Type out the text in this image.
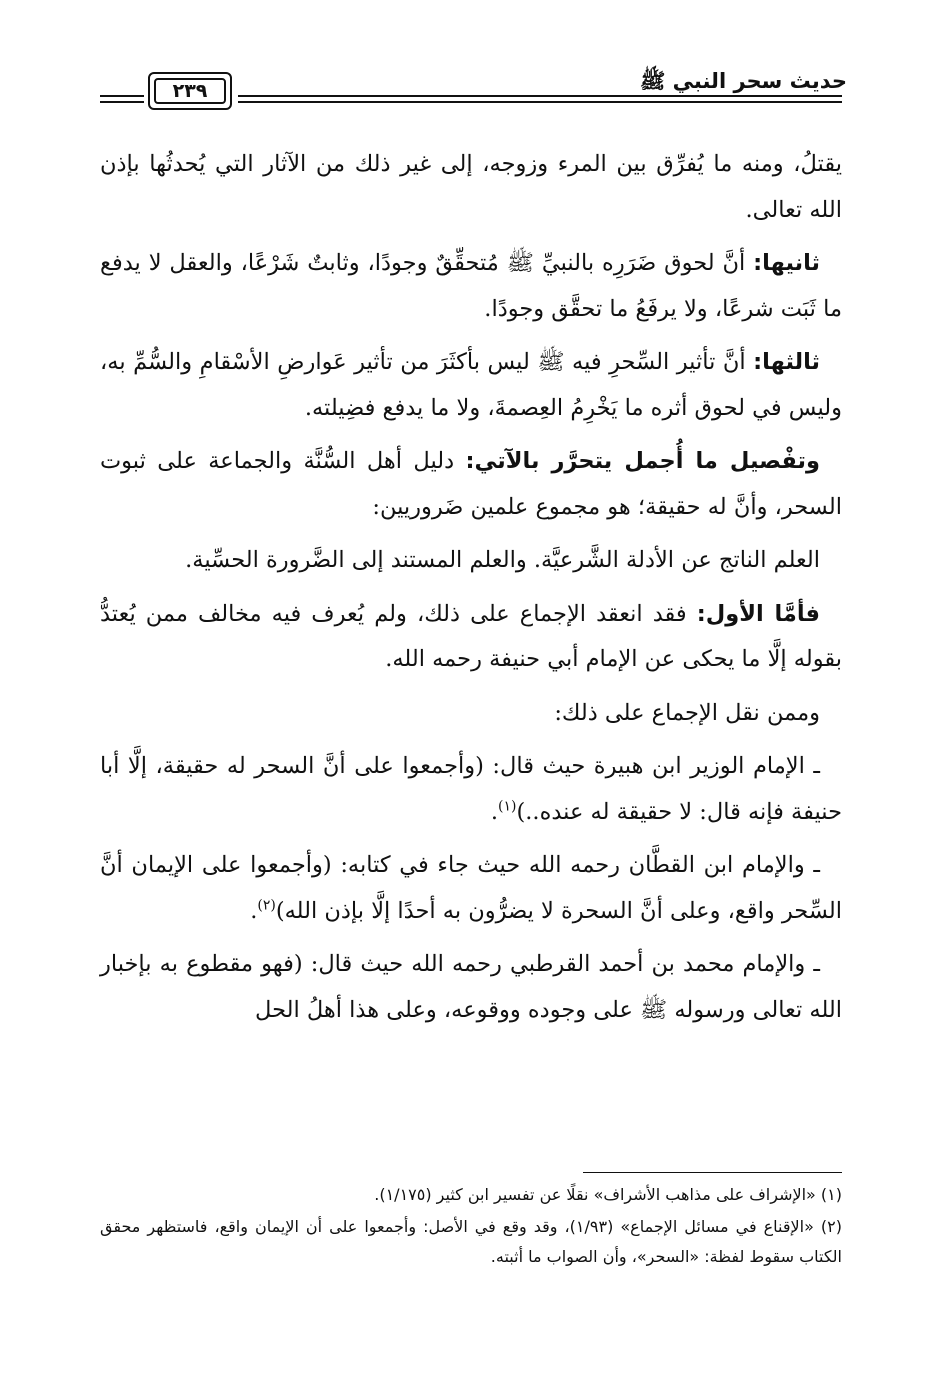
حديث سحر النبي ﷺ
٢٣٩

يقتلُ، ومنه ما يُفرِّق بين المرء وزوجه، إلى غير ذلك من الآثار التي يُحدثُها بإذن الله تعالى.

ثانيها: أنَّ لحوق ضَرَرِه بالنبيِّ ﷺ مُتحقِّقٌ وجودًا، وثابتٌ شَرْعًا، والعقل لا يدفع ما ثَبَت شرعًا، ولا يرفَعُ ما تحقَّق وجودًا.

ثالثها: أنَّ تأثير السِّحرِ فيه ﷺ ليس بأكثَرَ من تأثير عَوارضِ الأسْقامِ والسُّمِّ به، وليس في لحوق أثره ما يَخْرِمُ العِصمةَ، ولا ما يدفع فضِيلته.

وتفْصيل ما أُجمل يتحرَّر بالآتي: دليل أهل السُّنَّة والجماعة على ثبوت السحر، وأنَّ له حقيقة؛ هو مجموع علمين ضَروريين:

العلم الناتج عن الأدلة الشَّرعيَّة. والعلم المستند إلى الضَّرورة الحسِّية.

فأمَّا الأول: فقد انعقد الإجماع على ذلك، ولم يُعرف فيه مخالف ممن يُعتدُّ بقوله إلَّا ما يحكى عن الإمام أبي حنيفة رحمه الله.

وممن نقل الإجماع على ذلك:

ـ الإمام الوزير ابن هبيرة حيث قال: (وأجمعوا على أنَّ السحر له حقيقة، إلَّا أبا حنيفة فإنه قال: لا حقيقة له عنده..)$^{(١)}$.

ـ والإمام ابن القطَّان رحمه الله حيث جاء في كتابه: (وأجمعوا على الإيمان أنَّ السِّحر واقع، وعلى أنَّ السحرة لا يضرُّون به أحدًا إلَّا بإذن الله)$^{(٢)}$.

ـ والإمام محمد بن أحمد القرطبي رحمه الله حيث قال: (فهو مقطوع به بإخبار الله تعالى ورسوله ﷺ على وجوده ووقوعه، وعلى هذا أهلُ الحل

(١) «الإشراف على مذاهب الأشراف» نقلًا عن تفسير ابن كثير (١/١٧٥).

(٢) «الإقناع في مسائل الإجماع» (١/٩٣)، وقد وقع في الأصل: وأجمعوا على أن الإيمان واقع، فاستظهر محقق الكتاب سقوط لفظة: «السحر»، وأن الصواب ما أثبته.
